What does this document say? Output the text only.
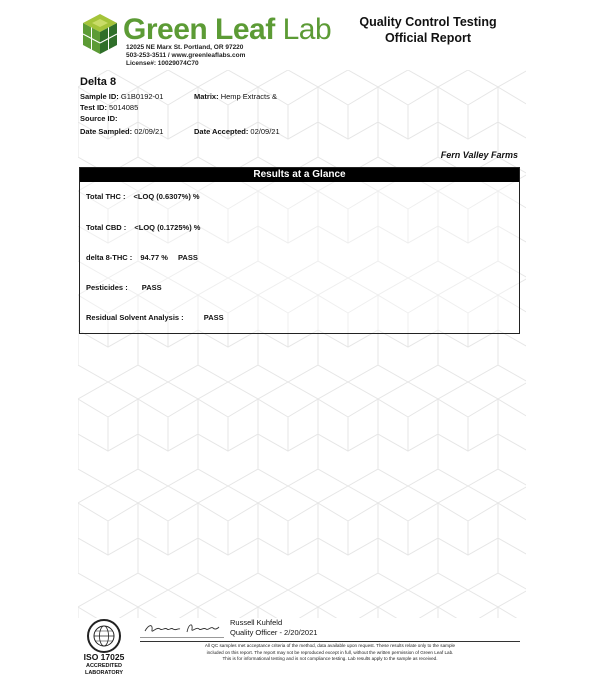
Green Leaf Lab
12025 NE Marx St. Portland, OR 97220
503-253-3511 / www.greenleaflabs.com
License#: 10029074C70
Quality Control Testing
Official Report
Delta 8
Sample ID: G1B0192-01	Matrix: Hemp Extracts &
Test ID: 5014085
Source ID:
Date Sampled: 02/09/21	Date Accepted: 02/09/21
Fern Valley Farms
Results at a Glance
Total THC : <LOQ (0.6307%) %
Total CBD : <LOQ (0.1725%) %
delta 8-THC : 94.77 % PASS
Pesticides : PASS
Residual Solvent Analysis :	PASS
ISO 17025
ACCREDITED
LABORATORY
Russell Kuhfeld
Quality Officer - 2/20/2021
All QC samples met acceptance criteria of the method, data available upon request. These results relate only to the sample
included on this report. The report may not be reproduced except in full, without the written permission of Green Leaf Lab.
This is for informational testing and is not compliance testing. Lab results apply to the sample as received.
